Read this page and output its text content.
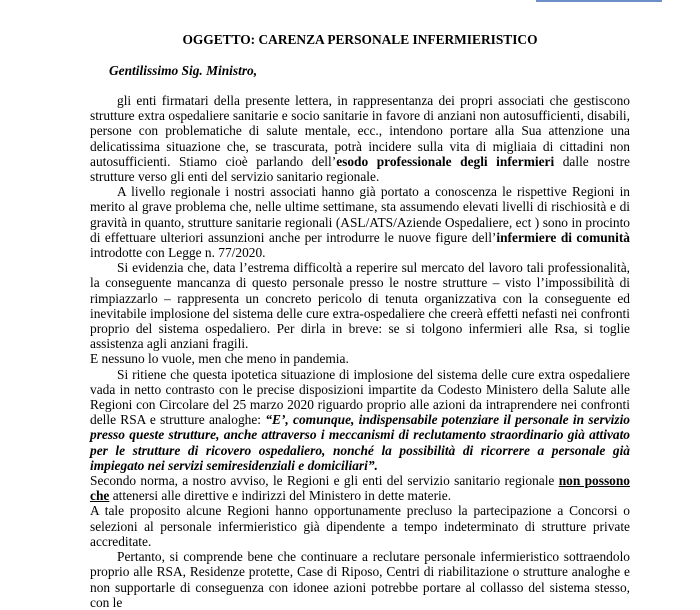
OGGETTO: CARENZA PERSONALE INFERMIERISTICO

Gentilissimo Sig. Ministro,

gli enti firmatari della presente lettera, in rappresentanza dei propri associati che gestiscono strutture extra ospedaliere sanitarie e socio sanitarie in favore di anziani non autosufficienti, disabili, persone con problematiche di salute mentale, ecc., intendono portare alla Sua attenzione una delicatissima situazione che, se trascurata, potrà incidere sulla vita di migliaia di cittadini non autosufficienti. Stiamo cioè parlando dell’esodo professionale degli infermieri dalle nostre strutture verso gli enti del servizio sanitario regionale.

A livello regionale i nostri associati hanno già portato a conoscenza le rispettive Regioni in merito al grave problema che, nelle ultime settimane, sta assumendo elevati livelli di rischiosità e di gravità in quanto, strutture sanitarie regionali (ASL/ATS/Aziende Ospedaliere, ect ) sono in procinto di effettuare ulteriori assunzioni anche per introdurre le nuove figure dell’infermiere di comunità introdotte con Legge n. 77/2020.

Si evidenzia che, data l’estrema difficoltà a reperire sul mercato del lavoro tali professionalità, la conseguente mancanza di questo personale presso le nostre strutture – visto l’impossibilità di rimpiazzarlo – rappresenta un concreto pericolo di tenuta organizzativa con la conseguente ed inevitabile implosione del sistema delle cure extra-ospedaliere che creerà effetti nefasti nei confronti proprio del sistema ospedaliero. Per dirla in breve: se si tolgono infermieri alle Rsa, si toglie assistenza agli anziani fragili.

E nessuno lo vuole, men che meno in pandemia.

Si ritiene che questa ipotetica situazione di implosione del sistema delle cure extra ospedaliere vada in netto contrasto con le precise disposizioni impartite da Codesto Ministero della Salute alle Regioni con Circolare del 25 marzo 2020 riguardo proprio alle azioni da intraprendere nei confronti delle RSA e strutture analoghe: “E’, comunque, indispensabile potenziare il personale in servizio presso queste strutture, anche attraverso i meccanismi di reclutamento straordinario già attivato per le strutture di ricovero ospedaliero, nonché la possibilità di ricorrere a personale già impiegato nei servizi semiresidenziali e domiciliari”.

Secondo norma, a nostro avviso, le Regioni e gli enti del servizio sanitario regionale non possono che attenersi alle direttive e indirizzi del Ministero in dette materie.

A tale proposito alcune Regioni hanno opportunamente precluso la partecipazione a Concorsi o selezioni al personale infermieristico già dipendente a tempo indeterminato di strutture private accreditate.

Pertanto, si comprende bene che continuare a reclutare personale infermieristico sottraendolo proprio alle RSA, Residenze protette, Case di Riposo, Centri di riabilitazione o strutture analoghe e non supportarle di conseguenza con idonee azioni potrebbe portare al collasso del sistema stesso, con le
